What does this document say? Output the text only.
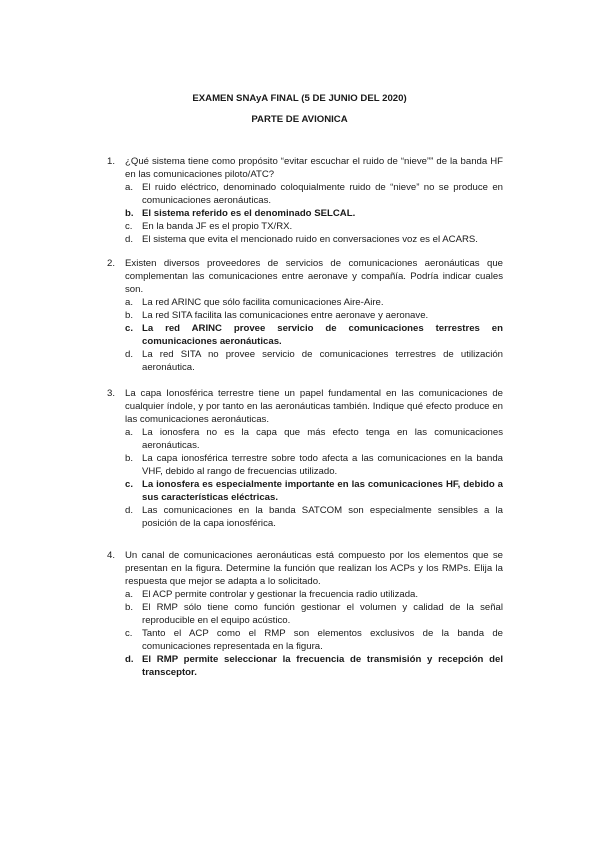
EXAMEN SNAyA FINAL (5 DE JUNIO DEL 2020)
PARTE DE AVIONICA
1. ¿Qué sistema tiene como propósito “evitar escuchar el ruido de “nieve”” de la banda HF en las comunicaciones piloto/ATC?
a. El ruido eléctrico, denominado coloquialmente ruido de “nieve” no se produce en comunicaciones aeronáuticas.
b. El sistema referido es el denominado SELCAL.
c. En la banda JF es el propio TX/RX.
d. El sistema que evita el mencionado ruido en conversaciones voz es el ACARS.
2. Existen diversos proveedores de servicios de comunicaciones aeronáuticas que complementan las comunicaciones entre aeronave y compañía. Podría indicar cuales son.
a. La red ARINC que sólo facilita comunicaciones Aire-Aire.
b. La red SITA facilita las comunicaciones entre aeronave y aeronave.
c. La red ARINC provee servicio de comunicaciones terrestres en comunicaciones aeronáuticas.
d. La red SITA no provee servicio de comunicaciones terrestres de utilización aeronáutica.
3. La capa Ionosférica terrestre tiene un papel fundamental en las comunicaciones de cualquier índole, y por tanto en las aeronáuticas también. Indique qué efecto produce en las comunicaciones aeronáuticas.
a. La ionosfera no es la capa que más efecto tenga en las comunicaciones aeronáuticas.
b. La capa ionosférica terrestre sobre todo afecta a las comunicaciones en la banda VHF, debido al rango de frecuencias utilizado.
c. La ionosfera es especialmente importante en las comunicaciones HF, debido a sus características eléctricas.
d. Las comunicaciones en la banda SATCOM son especialmente sensibles a la posición de la capa ionosférica.
4. Un canal de comunicaciones aeronáuticas está compuesto por los elementos que se presentan en la figura. Determine la función que realizan los ACPs y los RMPs. Elija la respuesta que mejor se adapta a lo solicitado.
a. El ACP permite controlar y gestionar la frecuencia radio utilizada.
b. El RMP sólo tiene como función gestionar el volumen y calidad de la señal reproducible en el equipo acústico.
c. Tanto el ACP como el RMP son elementos exclusivos de la banda de comunicaciones representada en la figura.
d. El RMP permite seleccionar la frecuencia de transmisión y recepción del transceptor.
